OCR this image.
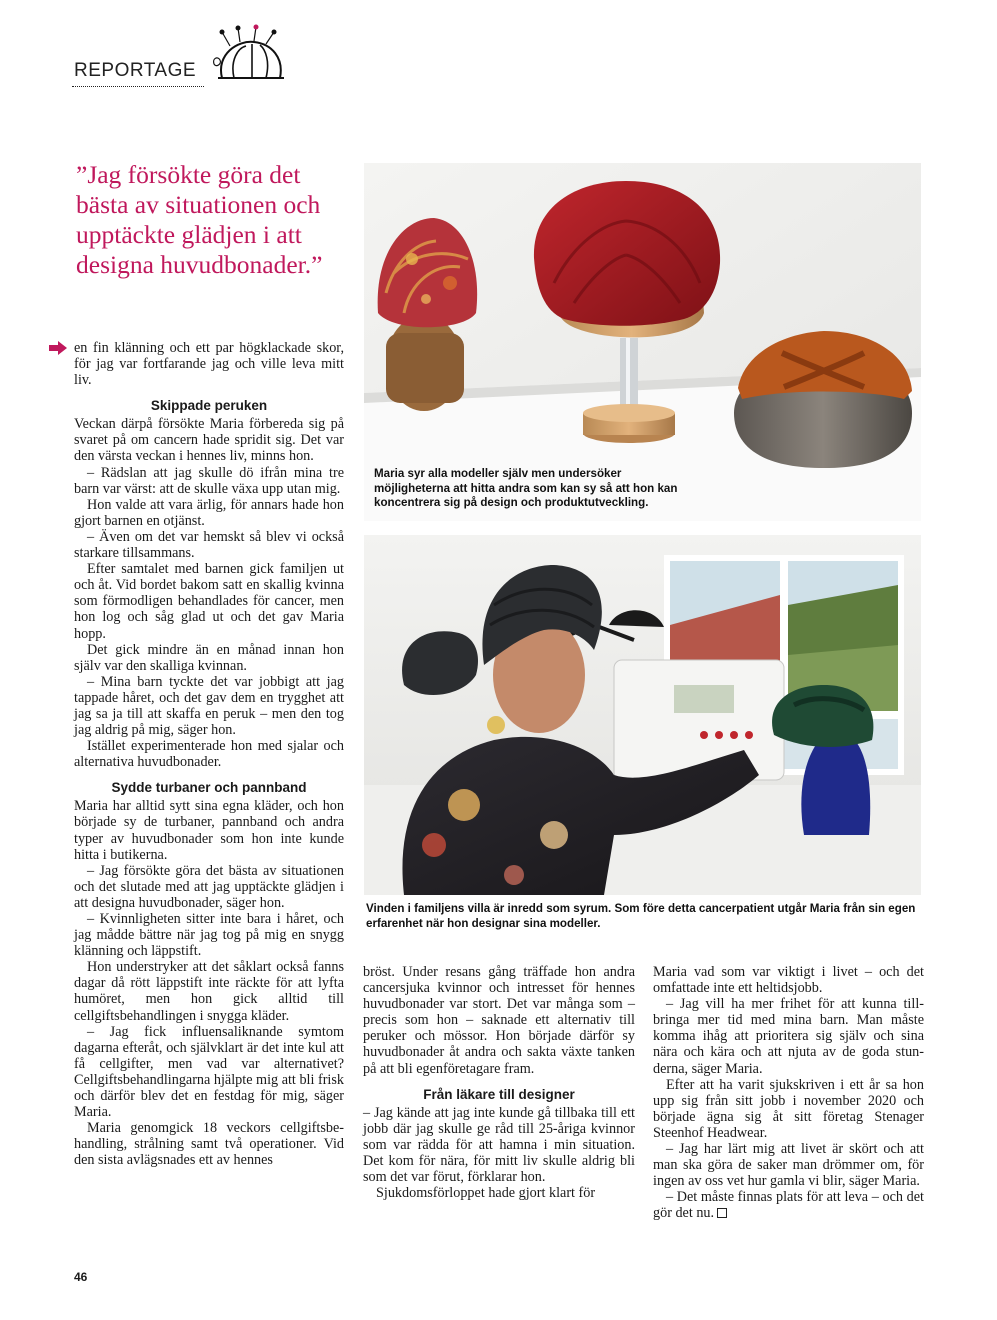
REPORTAGE
”Jag försökte göra det bästa av situationen och upptäckte glädjen i att designa huvudbonader.”

en fin klänning och ett par högklackade skor, för jag var fortfarande jag och ville leva mitt liv.

Skippade peruken

Veckan därpå försökte Maria förbereda sig på svaret på om cancern hade spridit sig. Det var den värsta veckan i hennes liv, minns hon.

– Rädslan att jag skulle dö ifrån mina tre barn var värst: att de skulle växa upp utan mig.

Hon valde att vara ärlig, för annars hade hon gjort barnen en otjänst.

– Även om det var hemskt så blev vi också starkare tillsammans.

Efter samtalet med barnen gick familjen ut och åt. Vid bordet bakom satt en skallig kvinna som förmodligen behandlades för cancer, men hon log och såg glad ut och det gav Maria hopp.

Det gick mindre än en månad innan hon själv var den skalliga kvinnan.

– Mina barn tyckte det var jobbigt att jag tappade håret, och det gav dem en trygghet att jag sa ja till att skaffa en peruk – men den tog jag aldrig på mig, säger hon.

Istället experimenterade hon med sjalar och alternativa huvudbonader.

Sydde turbaner och pannband

Maria har alltid sytt sina egna kläder, och hon började sy de turbaner, pannband och andra typer av huvudbonader som hon inte kunde hitta i butikerna.

– Jag försökte göra det bästa av situationen och det slutade med att jag upptäckte glädjen i att designa huvudbonader, säger hon.

– Kvinnligheten sitter inte bara i håret, och jag mådde bättre när jag tog på mig en snygg klänning och läppstift.

Hon understryker att det såklart också fanns dagar då rött läppstift inte räckte för att lyfta humöret, men hon gick alltid till cellgiftsbehandlingen i snygga kläder.

– Jag fick influensaliknande symtom dagarna efteråt, och självklart är det inte kul att få cellgifter, men vad var alternativet? Cellgiftsbehandlingarna hjälpte mig att bli frisk och därför blev det en festdag för mig, säger Maria.

Maria genomgick 18 veckors cellgiftsbehandling, strålning samt två operationer. Vid den sista avlägsnades ett av hennes

Maria syr alla modeller själv men undersöker möjligheterna att hitta andra som kan sy så att hon kan koncentrera sig på design och produktutveckling.
Vinden i familjens villa är inredd som syrum. Som före detta cancerpatient utgår Maria från sin egen erfarenhet när hon designar sina modeller.

bröst. Under resans gång träffade hon andra cancersjuka kvinnor och intresset för hennes huvudbonader var stort. Det var många som – precis som hon – saknade ett alternativ till peruker och mössor. Hon började därför sy huvudbonader åt andra och sakta växte tanken på att bli egenföretagare fram.

Från läkare till designer

– Jag kände att jag inte kunde gå tillbaka till ett jobb där jag skulle ge råd till 25-åriga kvinnor som var rädda för att hamna i min situation. Det kom för nära, för mitt liv skulle aldrig bli som det var förut, förklarar hon.

Sjukdomsförloppet hade gjort klart för

Maria vad som var viktigt i livet – och det omfattade inte ett heltidsjobb.

– Jag vill ha mer frihet för att kunna tillbringa mer tid med mina barn. Man måste komma ihåg att prioritera sig själv och sina nära och kära och att njuta av de goda stunderna, säger Maria.

Efter att ha varit sjukskriven i ett år sa hon upp sig från sitt jobb i november 2020 och började ägna sig åt sitt företag Stenager Steenhof Headwear.

– Jag har lärt mig att livet är skört och att man ska göra de saker man drömmer om, för ingen av oss vet hur gamla vi blir, säger Maria.

– Det måste finnas plats för att leva – och det gör det nu.

46
